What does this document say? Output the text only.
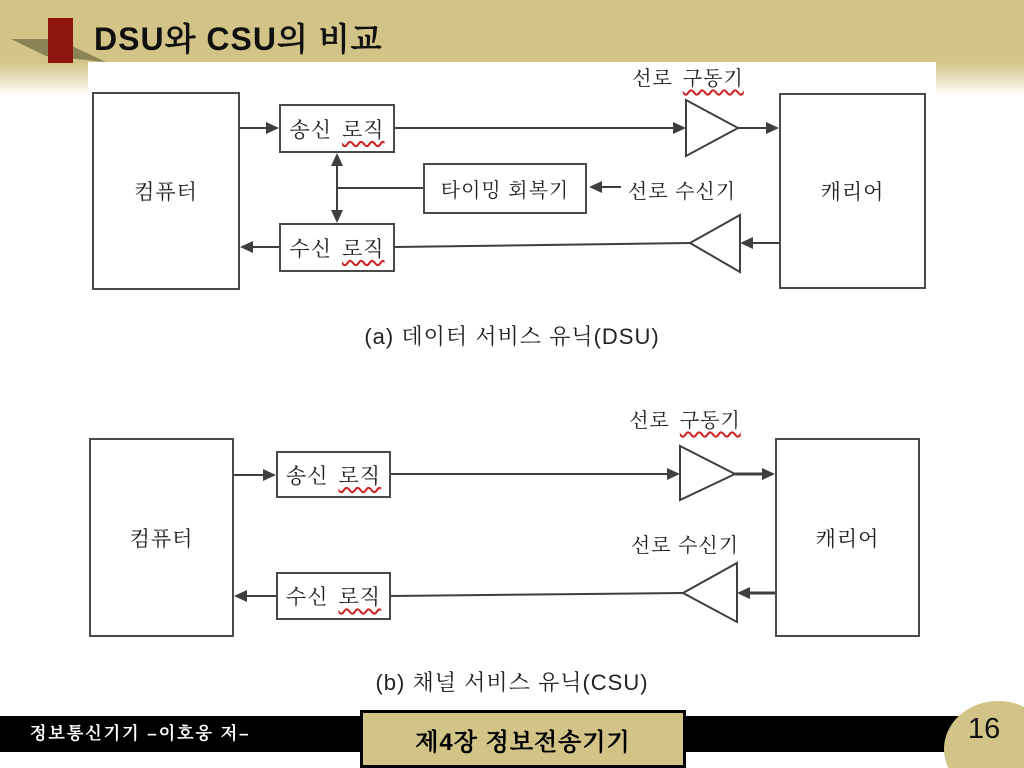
DSU와 CSU의 비교
컴퓨터
송신 로직
수신 로직
타이밍 회복기	캐리어
선로 구동기
선로 수신기
(a) 데이터 서비스 유닉(DSU)
컴퓨터
송신 로직
수신 로직
캐리어
선로 구동기
선로 수신기
(b) 채널 서비스 유닉(CSU)
정보통신기기 –이호웅 저–	제4장 정보전송기기	16
